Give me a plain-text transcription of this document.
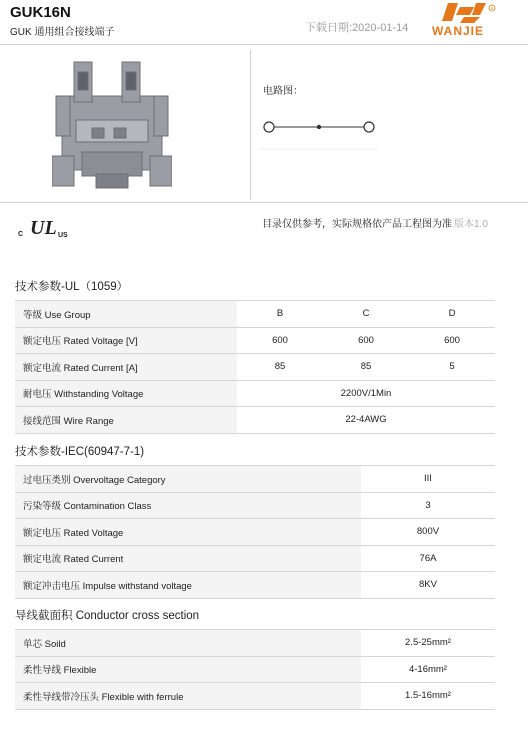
GUK16N
GUK 通用组合接线端子	下载日期:2020-01-14
R
WANJIE
电路图：
C UL US
目录仅供参考，实际规格依产品工程图为准 版本1.0
技术参数-UL（1059）
等级 Use Group	B	C	D
额定电压 Rated Voltage [V]	600	600	600
额定电流 Rated Current [A]	85	85	5
耐电压 Withstanding Voltage	2200V/1Min		
接线范围 Wire Range	22-4AWG		
技术参数-IEC(60947-7-1)
过电压类别 Overvoltage Category	III
污染等级 Contamination Class	3
额定电压 Rated Voltage	800V
额定电流 Rated Current	76A
额定冲击电压 Impulse withstand voltage	8KV
导线截面积 Conductor cross section
单芯 Soild	2.5-25mm²
柔性导线 Flexible	4-16mm²
柔性导线带冷压头 Flexible with ferrule	1.5-16mm²
